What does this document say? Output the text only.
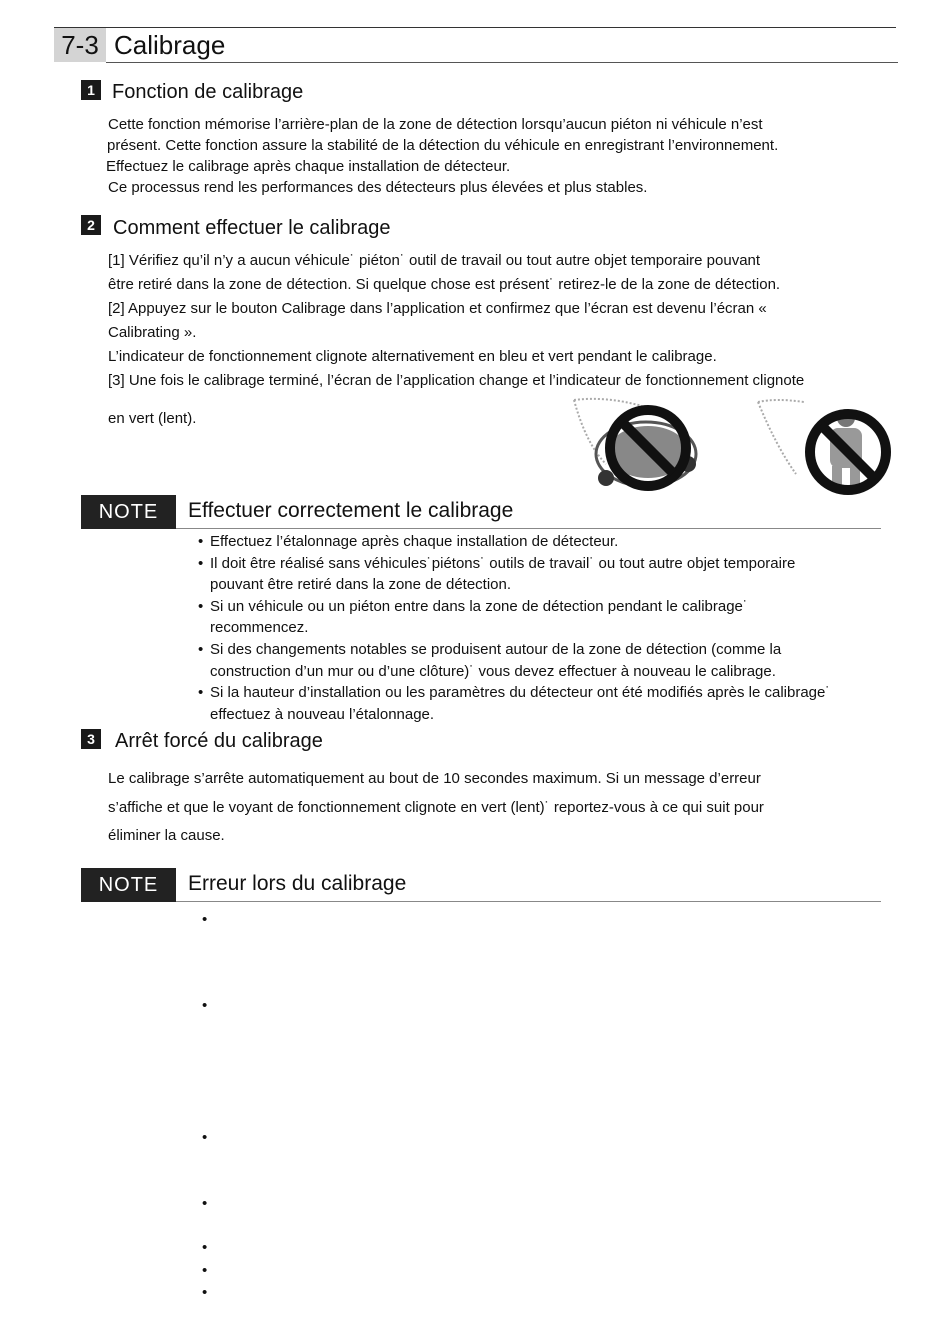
7-3 Calibrage
1 Fonction de calibrage

Cette fonction mémorise l’arrière-plan de la zone de détection lorsqu’aucun piéton ni véhicule n’est

présent. Cette fonction assure la stabilité de la détection du véhicule en enregistrant l’environnement.

Effectuez le calibrage après chaque installation de détecteur.

Ce processus rend les performances des détecteurs plus élevées et plus stables.

2 Comment effectuer le calibrage

[1] Vérifiez qu’il n’y a aucun véhicule˙ piéton˙ outil de travail ou tout autre objet temporaire pouvant

être retiré dans la zone de détection. Si quelque chose est présent˙ retirez-le de la zone de détection.

[2] Appuyez sur le bouton Calibrage dans l’application et confirmez que l’écran est devenu l’écran «

Calibrating ».

L’indicateur de fonctionnement clignote alternativement en bleu et vert pendant le calibrage.

[3] Une fois le calibrage terminé, l’écran de l’application change et l’indicateur de fonctionnement clignote

en vert (lent).
NOTE	Effectuer correctement le calibrage
• Effectuez l’étalonnage après chaque installation de détecteur.
• Il doit être réalisé sans véhicules˙piétons˙ outils de travail˙ ou tout autre objet temporaire
pouvant être retiré dans la zone de détection.
• Si un véhicule ou un piéton entre dans la zone de détection pendant le calibrage˙
recommencez.
• Si des changements notables se produisent autour de la zone de détection (comme la
construction d’un mur ou d’une clôture)˙ vous devez effectuer à nouveau le calibrage.
• Si la hauteur d’installation ou les paramètres du détecteur ont été modifiés après le calibrage˙
effectuez à nouveau l’étalonnage.
3	Arrêt forcé du calibrage

Le calibrage s’arrête automatiquement au bout de 10 secondes maximum. Si un message d’erreur

s’affiche et que le voyant de fonctionnement clignote en vert (lent)˙ reportez-vous à ce qui suit pour

éliminer la cause.

NOTE	Erreur lors du calibrage
•
•
•
•
•
•
•
